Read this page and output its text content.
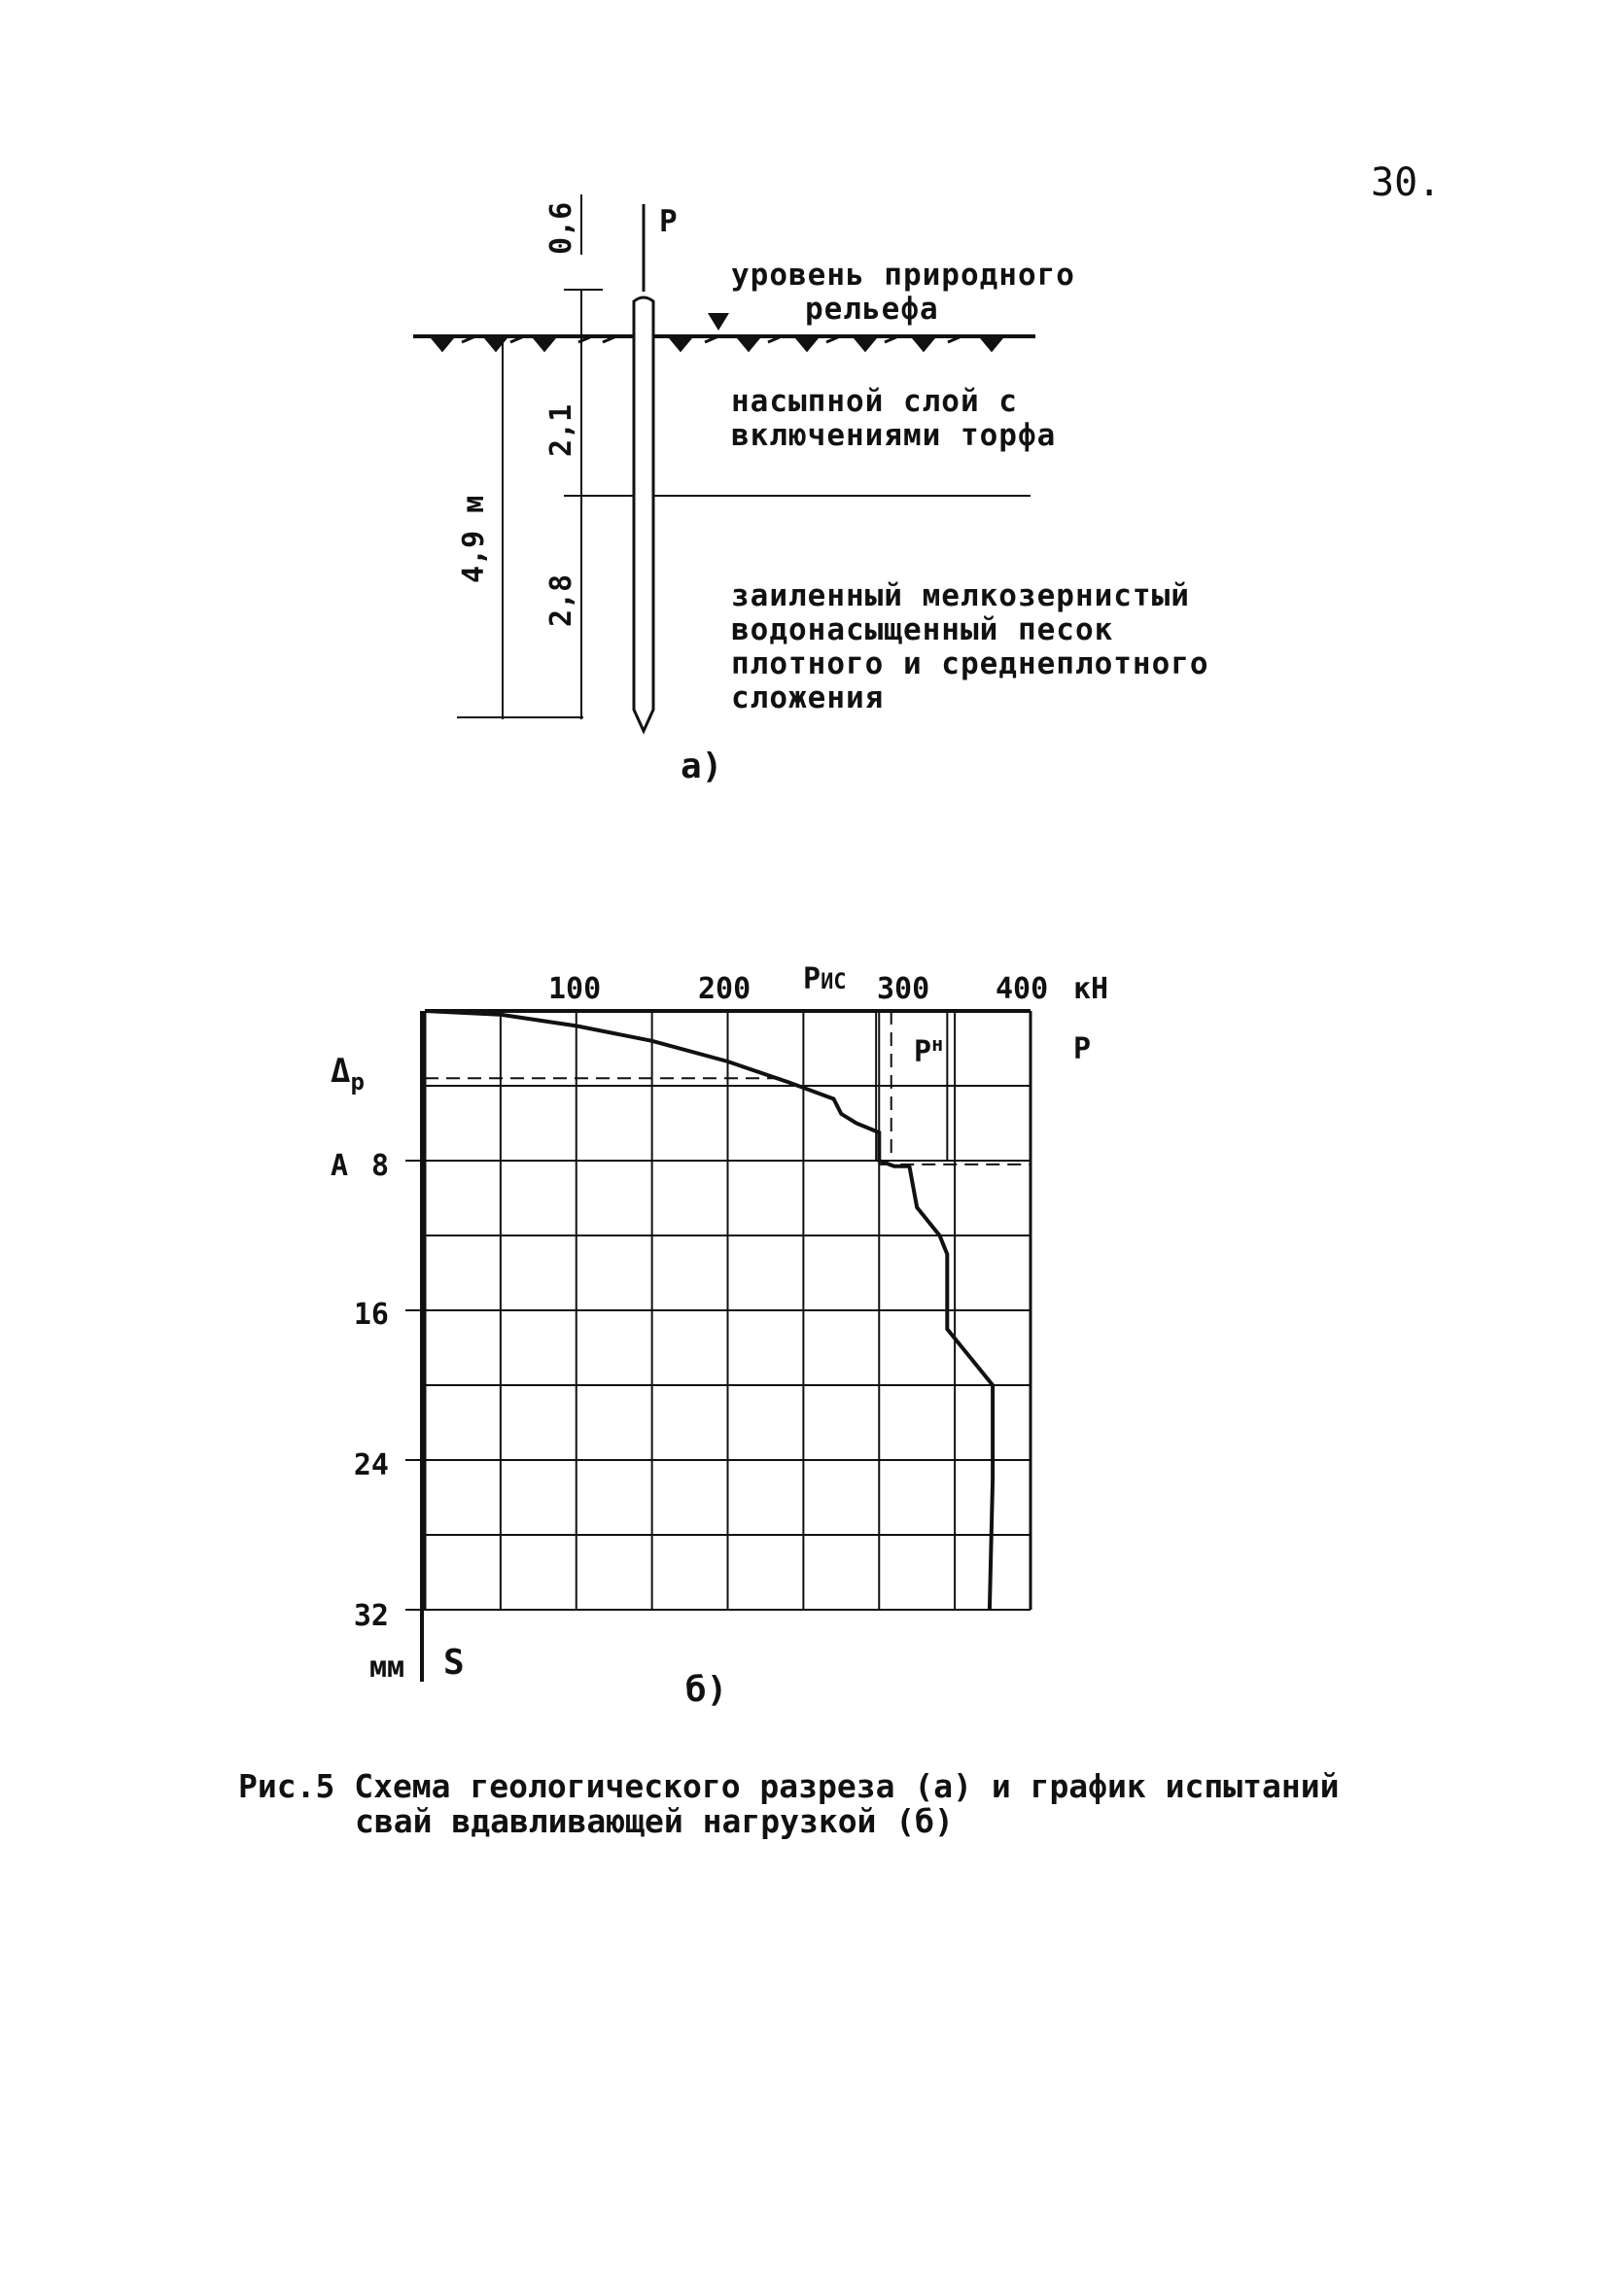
30.
P
0,6
2,1
2,8
4,9 м
уровень природного
рельефа
насыпной слой с
включениями торфа
заиленный мелкозернистый
водонасыщенный песок
плотного и среднеплотного
сложения
а)
100	200 PИС 300 400 кН
$P^н$	P
$\Delta_р$
А 8
16
24
32
мм S
б)
Рис.5 Схема геологического разреза (а) и график испытаний
свай вдавливающей нагрузкой (б)
